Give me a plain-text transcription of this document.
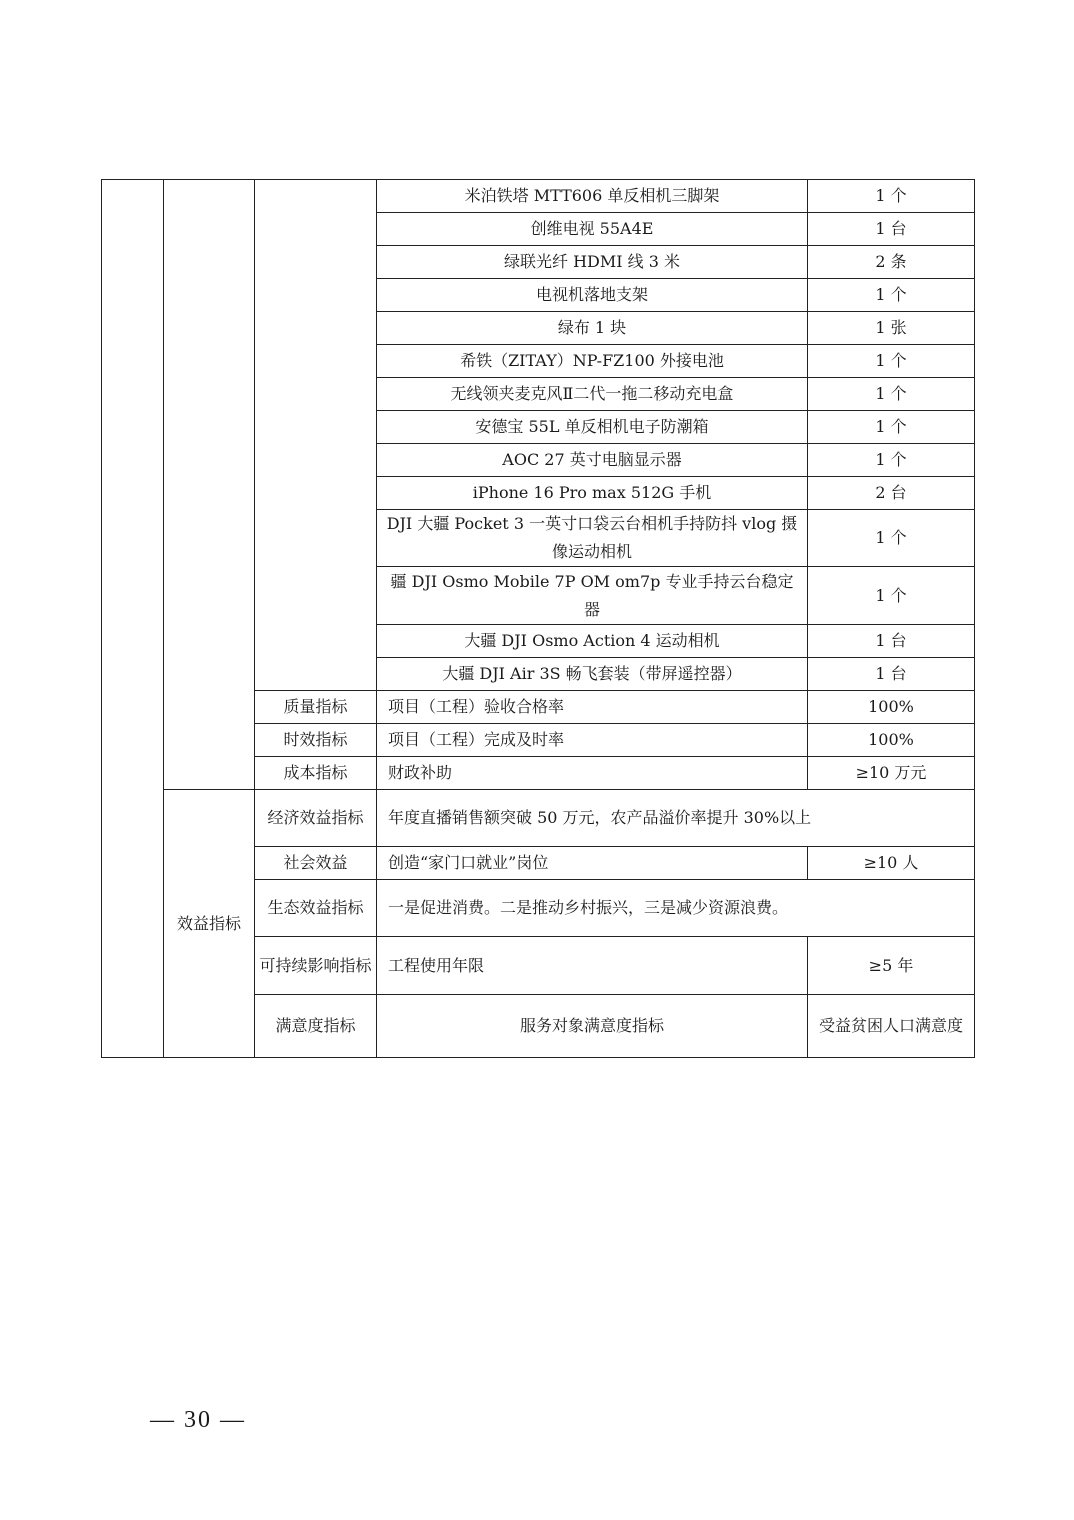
			米泊铁塔 MTT606 单反相机三脚架	1 个	
			创维电视 55A4E	1 台	
			绿联光纤 HDMI 线 3 米	2 条	
			电视机落地支架	1 个	
			绿布 1 块	1 张	
			希铁（ZITAY）NP-FZ100 外接电池	1 个	
			无线领夹麦克风Ⅱ二代一拖二移动充电盒	1 个	
			安德宝 55L 单反相机电子防潮箱	1 个	
			AOC 27 英寸电脑显示器	1 个	
			iPhone 16 Pro max 512G 手机	2 台	
			DJI 大疆 Pocket 3 一英寸口袋云台相机手持防抖 vlog 摄像运动相机	1 个	
			疆 DJI Osmo Mobile 7P OM om7p 专业手持云台稳定器	1 个	
			大疆 DJI Osmo Action 4 运动相机	1 台	
			大疆 DJI Air 3S 畅飞套装（带屏遥控器）	1 台	
		质量指标	项目（工程）验收合格率	100%	
		时效指标	项目（工程）完成及时率	100%	
		成本指标	财政补助	≥10 万元	
	效益指标	经济效益指标	年度直播销售额突破 50 万元，农产品溢价率提升 30%以上		
		社会效益	创造“家门口就业”岗位	≥10 人	
		生态效益指标	一是促进消费。二是推动乡村振兴，三是减少资源浪费。		
		可持续影响指标	工程使用年限	≥5 年	
		满意度指标	服务对象满意度指标	受益贫困人口满意度	
— 30 —
